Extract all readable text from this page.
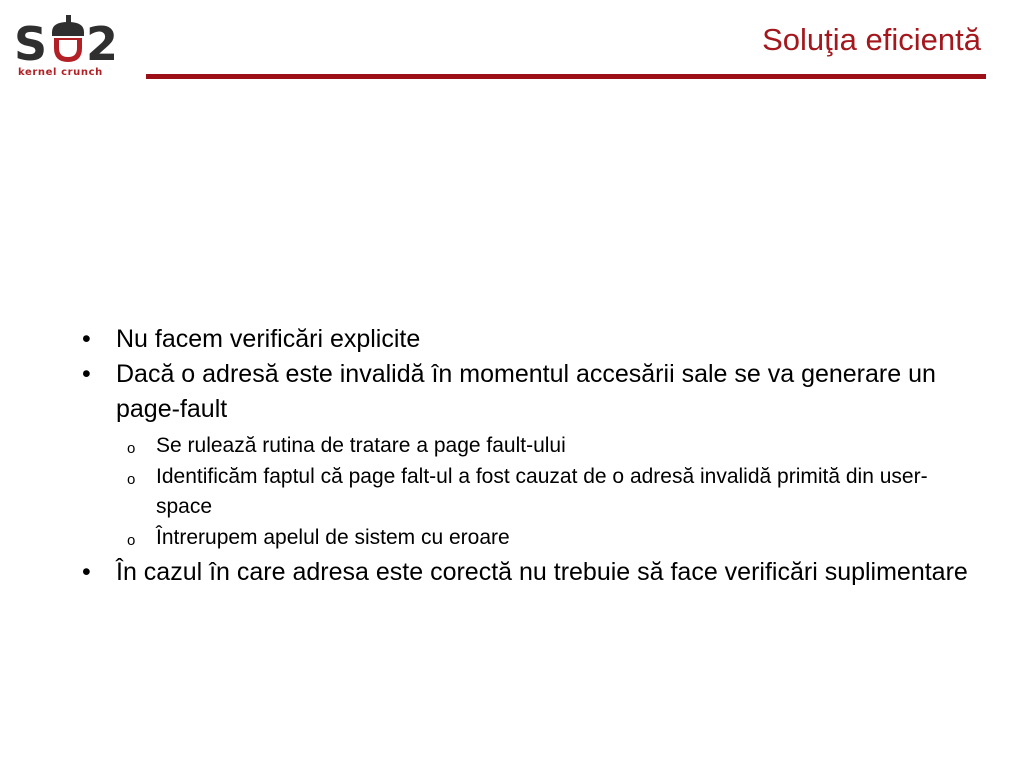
S 2
kernel crunch
Soluţia eficientă
• Nu facem verificări explicite
• Dacă o adresă este invalidă în momentul accesării sale se va generare un page-fault
o Se rulează rutina de tratare a page fault-ului
o Identificăm faptul că page falt-ul a fost cauzat de o adresă invalidă primită din user-space
o Întrerupem apelul de sistem cu eroare
• În cazul în care adresa este corectă nu trebuie să face verificări suplimentare
